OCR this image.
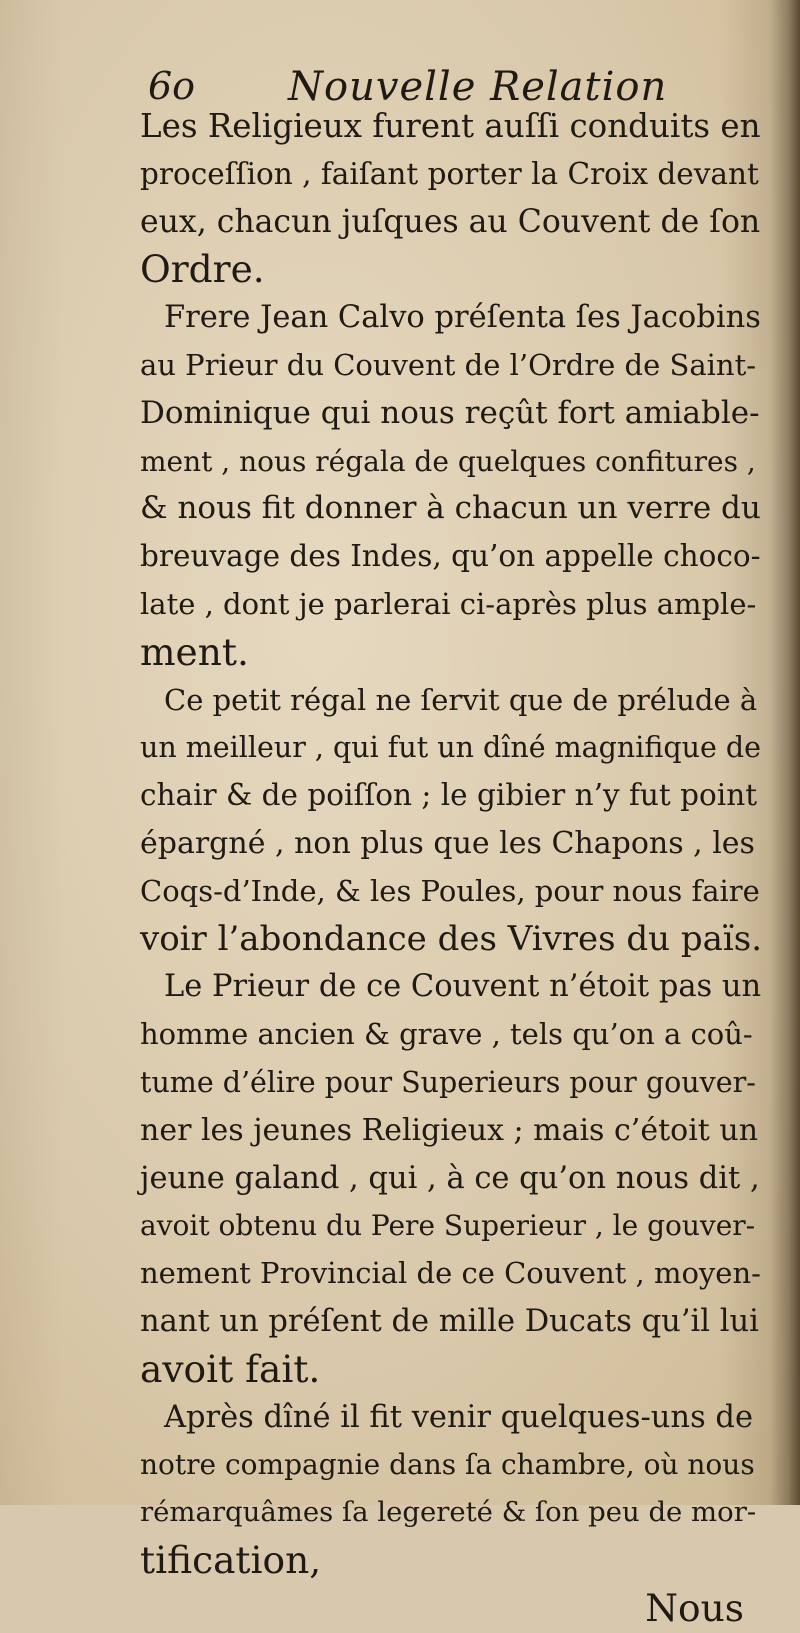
6o Nouvelle Relation
Les Religieux furent auſſi conduits en
proceſſion , faiſant porter la Croix devant
eux, chacun juſques au Couvent de ſon
Ordre.
Frere Jean Calvo préſenta ſes Jacobins
au Prieur du Couvent de l’Ordre de Saint-
Dominique qui nous reçût fort amiable-
ment , nous régala de quelques confitures ,
& nous fit donner à chacun un verre du
breuvage des Indes, qu’on appelle choco-
late , dont je parlerai ci-après plus ample-
ment.
Ce petit régal ne ſervit que de prélude à
un meilleur , qui fut un dîné magnifique de
chair & de poiſſon ; le gibier n’y fut point
épargné , non plus que les Chapons , les
Coqs-d’Inde, & les Poules, pour nous faire
voir l’abondance des Vivres du païs.
Le Prieur de ce Couvent n’étoit pas un
homme ancien & grave , tels qu’on a coû-
tume d’élire pour Superieurs pour gouver-
ner les jeunes Religieux ; mais c’étoit un
jeune galand , qui , à ce qu’on nous dit ,
avoit obtenu du Pere Superieur , le gouver-
nement Provincial de ce Couvent , moyen-
nant un préſent de mille Ducats qu’il lui
avoit fait.
Après dîné il fit venir quelques-uns de
notre compagnie dans ſa chambre, où nous
rémarquâmes ſa legereté & ſon peu de mor-
tification,
Nous
